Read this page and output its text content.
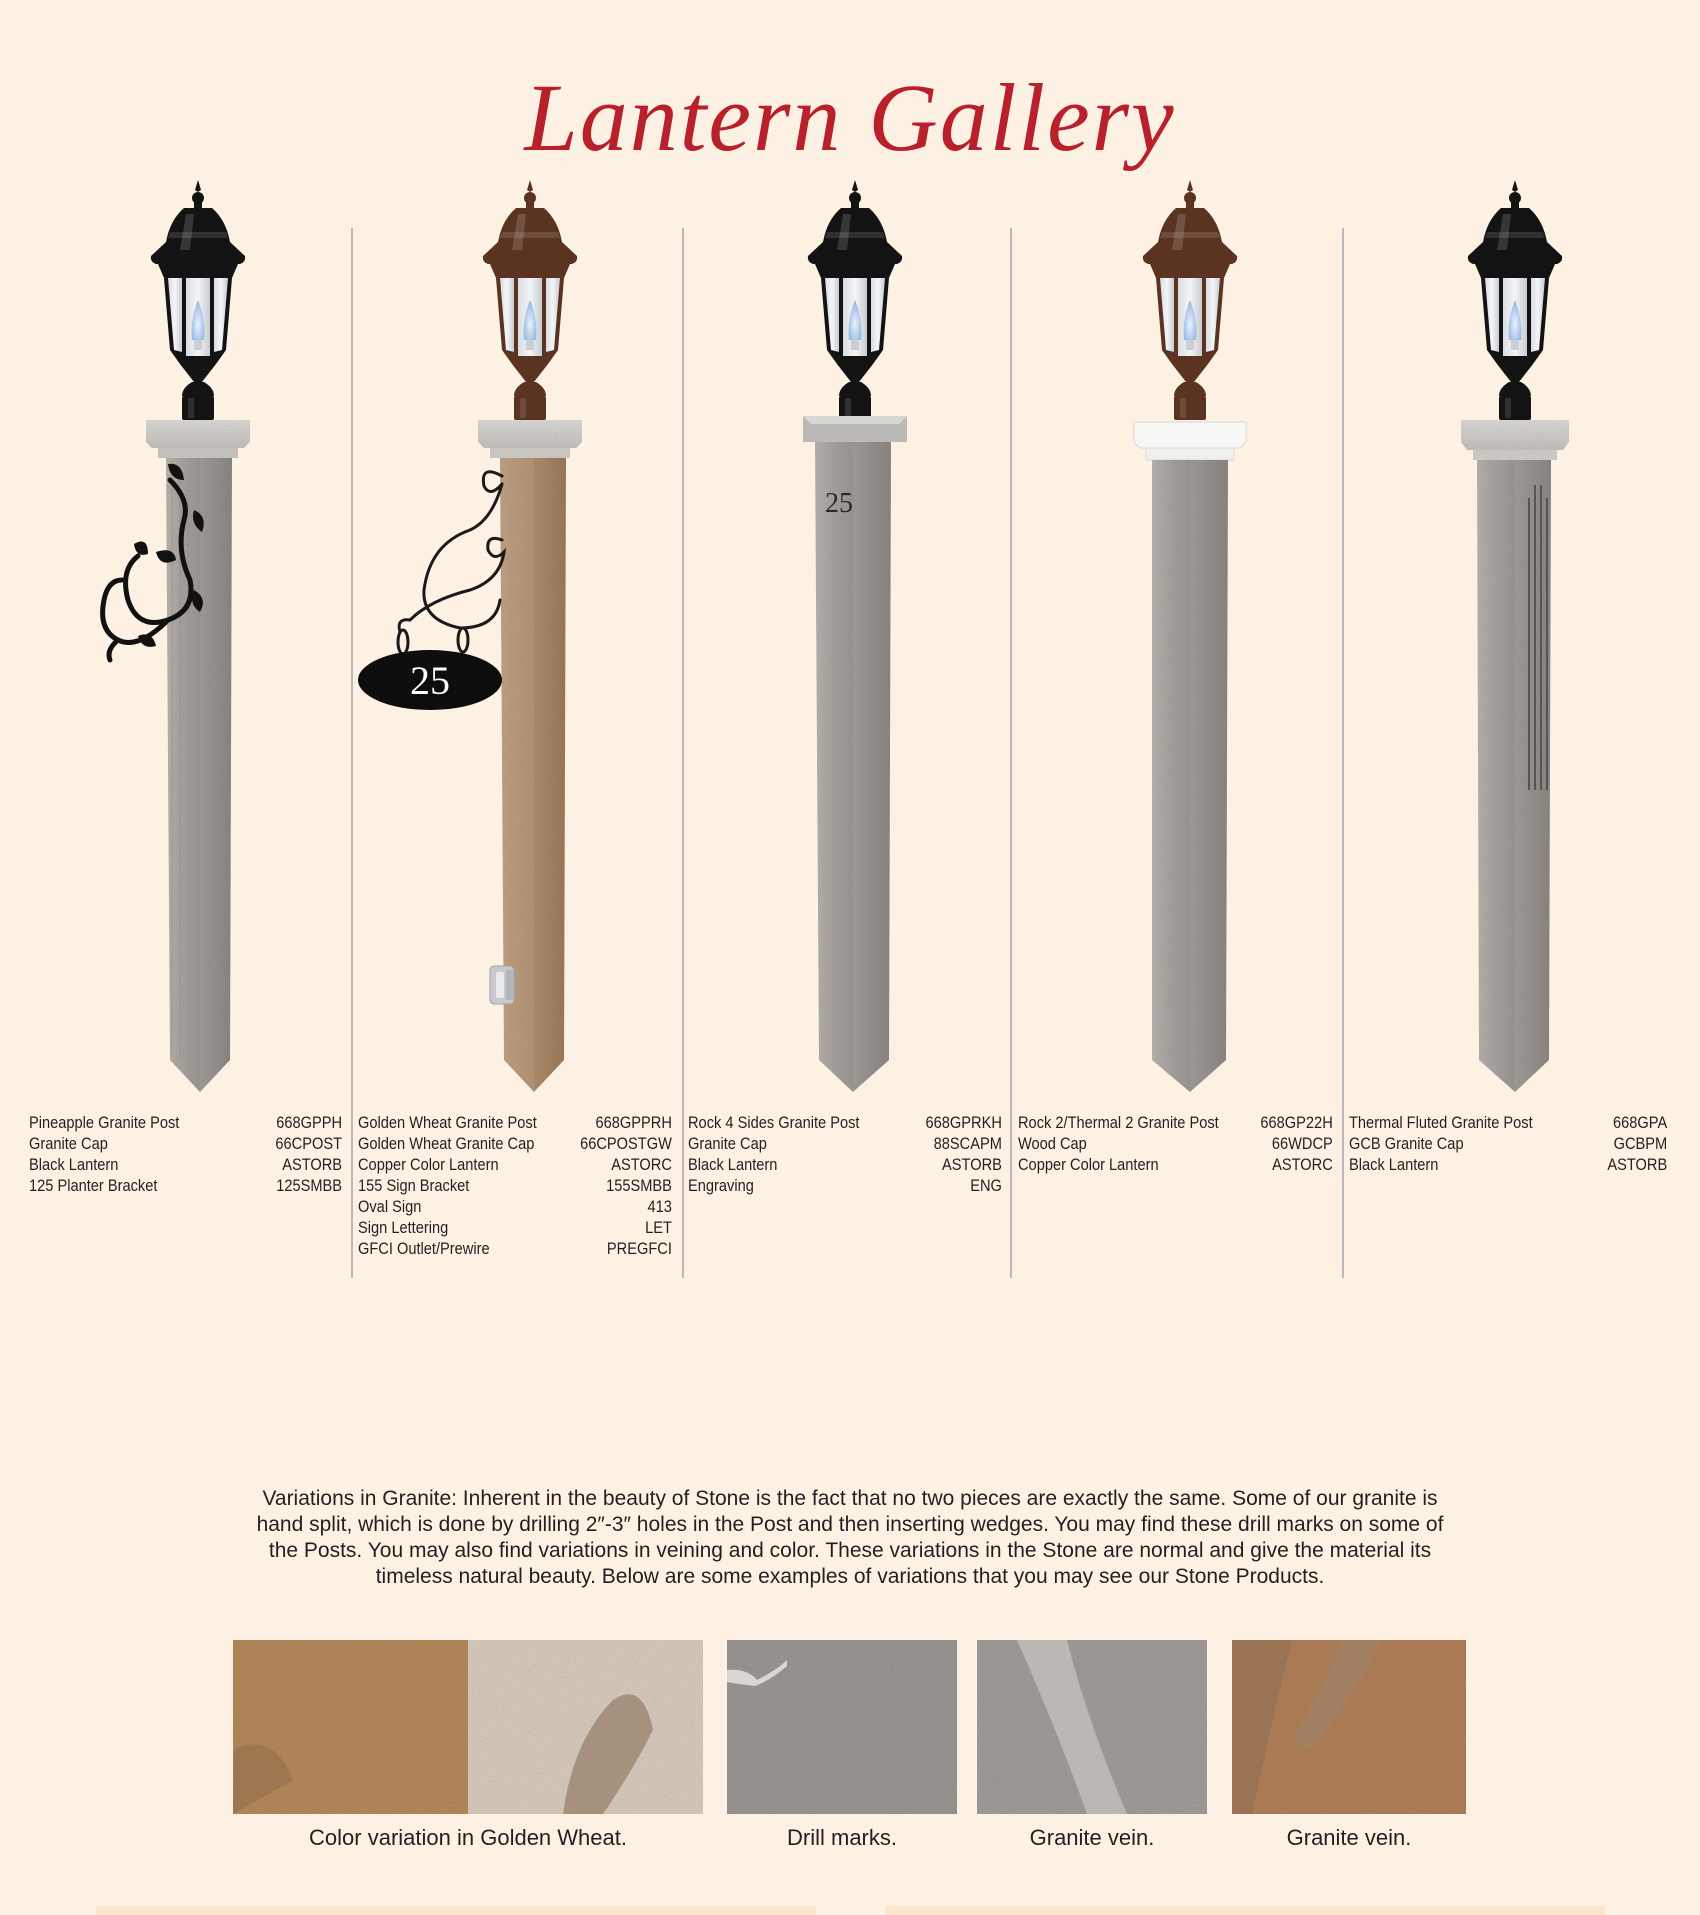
Lantern Gallery
25
25
Pineapple Granite Post	668GPPH
Granite Cap	66CPOST
Black Lantern	ASTORB
125 Planter Bracket	125SMBB
Golden Wheat Granite Post	668GPPRH
Golden Wheat Granite Cap	66CPOSTGW
Copper Color Lantern	ASTORC
155 Sign Bracket	155SMBB
Oval Sign	413
Sign Lettering	LET
GFCI Outlet/Prewire	PREGFCI
Rock 4 Sides Granite Post	668GPRKH
Granite Cap	88SCAPM
Black Lantern	ASTORB
Engraving	ENG
Rock 2/Thermal 2 Granite Post 668GP22H
Wood Cap	66WDCP
Copper Color Lantern	ASTORC
Thermal Fluted Granite Post	668GPA
GCB Granite Cap	GCBPM
Black Lantern	ASTORB
Variations in Granite: Inherent in the beauty of Stone is the fact that no two pieces are exactly the same. Some of our granite is hand split, which is done by drilling 2″-3″ holes in the Post and then inserting wedges. You may find these drill marks on some of the Posts. You may also find variations in veining and color. These variations in the Stone are normal and give the material its timeless natural beauty. Below are some examples of variations that you may see our Stone Products.
Color variation in Golden Wheat.	Drill marks.	Granite vein.	Granite vein.
